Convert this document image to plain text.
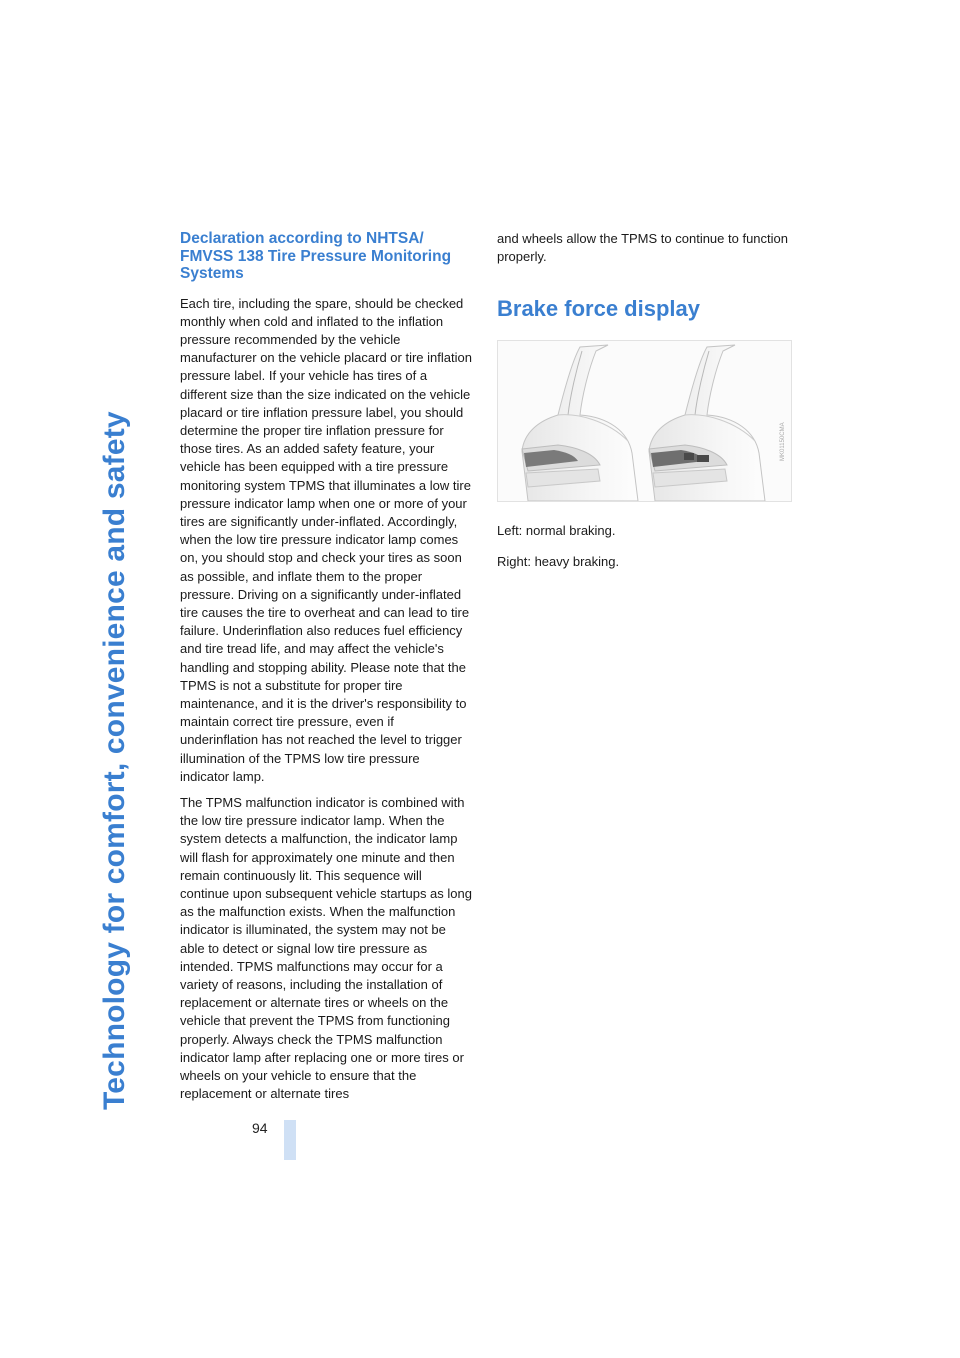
Technology for comfort, convenience and safety
Declaration according to NHTSA/ FMVSS 138 Tire Pressure Monitoring Systems

Each tire, including the spare, should be checked monthly when cold and inflated to the inflation pressure recommended by the vehicle manufacturer on the vehicle placard or tire inflation pressure label. If your vehicle has tires of a different size than the size indicated on the vehicle placard or tire inflation pressure label, you should determine the proper tire inflation pressure for those tires. As an added safety feature, your vehicle has been equipped with a tire pressure monitoring system TPMS that illuminates a low tire pressure indicator lamp when one or more of your tires are significantly under-inflated. Accordingly, when the low tire pressure indicator lamp comes on, you should stop and check your tires as soon as possible, and inflate them to the proper pressure. Driving on a significantly under-inflated tire causes the tire to overheat and can lead to tire failure. Underinflation also reduces fuel efficiency and tire tread life, and may affect the vehicle's handling and stopping ability. Please note that the TPMS is not a substitute for proper tire maintenance, and it is the driver's responsibility to maintain correct tire pressure, even if underinflation has not reached the level to trigger illumination of the TPMS low tire pressure indicator lamp.

The TPMS malfunction indicator is combined with the low tire pressure indicator lamp. When the system detects a malfunction, the indicator lamp will flash for approximately one minute and then remain continuously lit. This sequence will continue upon subsequent vehicle startups as long as the malfunction exists. When the malfunction indicator is illuminated, the system may not be able to detect or signal low tire pressure as intended. TPMS malfunctions may occur for a variety of reasons, including the installation of replacement or alternate tires or wheels on the vehicle that prevent the TPMS from functioning properly. Always check the TPMS malfunction indicator lamp after replacing one or more tires or wheels on your vehicle to ensure that the replacement or alternate tires

and wheels allow the TPMS to continue to function properly.

Brake force display
MK01150CMA

Left: normal braking.

Right: heavy braking.

94
